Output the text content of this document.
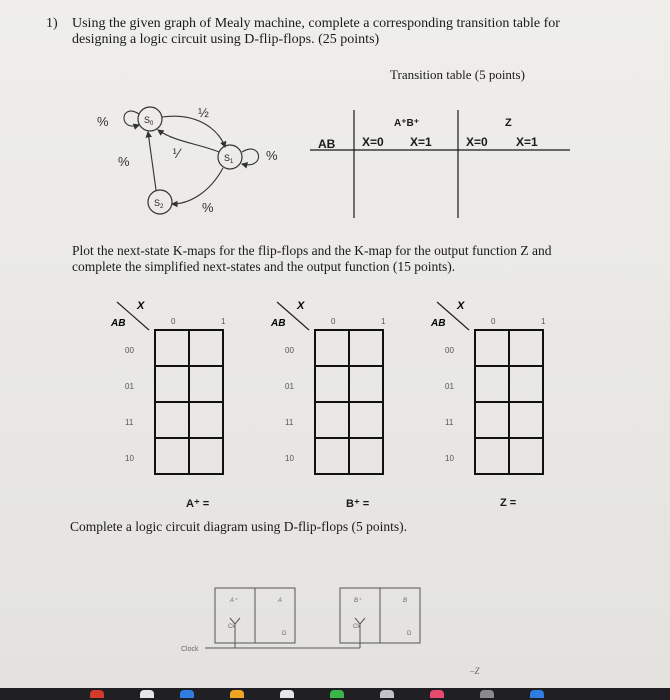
1) Using the given graph of Mealy machine, complete a corresponding transition table for
designing a logic circuit using D-flip-flops. (25 points)
Transition table (5 points)
$S_0$
%
½
$S_1$	%
⅟
$S_2$
%
%
AB
A⁺B⁺	Z
X=0 X=1	X=0 X=1
Plot the next-state K-maps for the flip-flops and the K-map for the output function Z and
complete the simplified next-states and the output function (15 points).
X
AB	0	1
00
01
11
10
X
AB	0	1
00
01
11
10
X
AB	0	1
00
01
11
10
A⁺ =	B⁺ =	Z =
Complete a logic circuit diagram using D-flip-flops (5 points).
A⁺	A
Ck
D
B⁺	B
Ck
D
Clock
–Z
